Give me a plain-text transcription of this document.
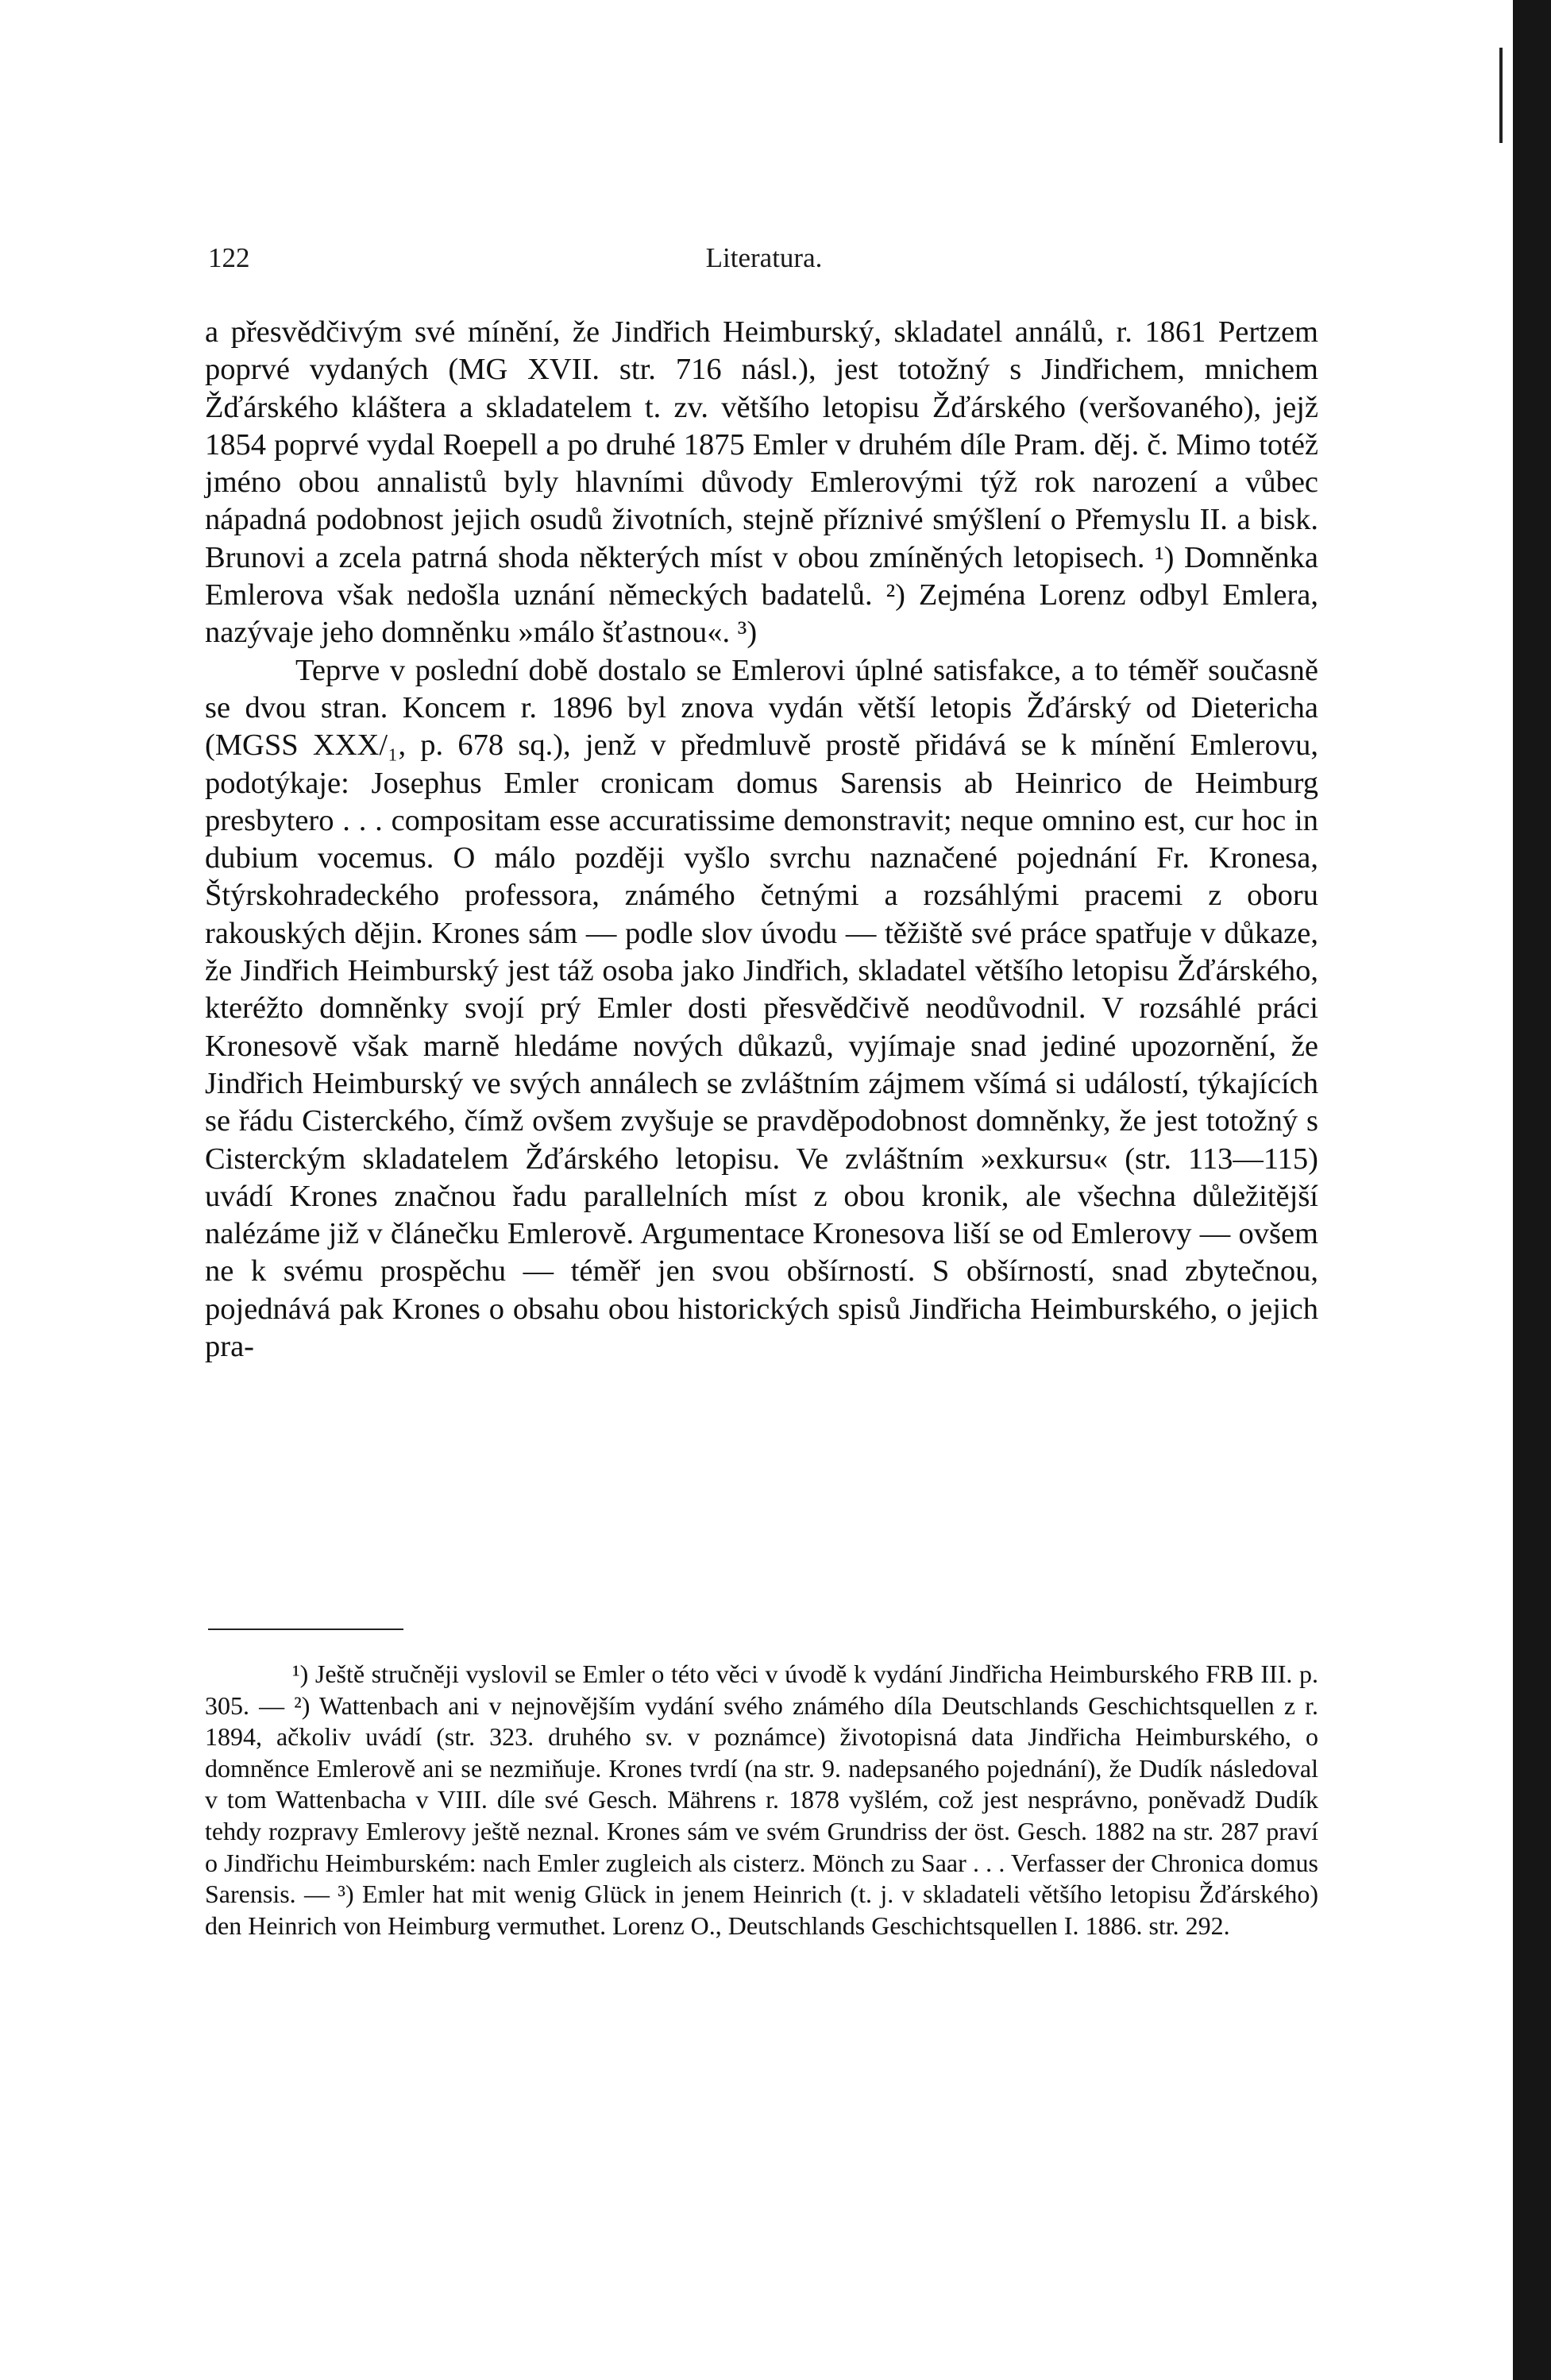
122	Literatura.

a přesvědčivým své mínění, že Jindřich Heimburský, skladatel annálů, r. 1861 Pertzem poprvé vydaných (MG XVII. str. 716 násl.), jest totožný s Jindřichem, mnichem Žďárského kláštera a skladatelem t. zv. většího letopisu Žďárského (veršovaného), jejž 1854 poprvé vydal Roepell a po druhé 1875 Emler v druhém díle Pram. děj. č. Mimo totéž jméno obou annalistů byly hlavními důvody Emlerovými týž rok narození a vůbec nápadná podobnost jejich osudů životních, stejně příznivé smýšlení o Přemyslu II. a bisk. Brunovi a zcela patrná shoda některých míst v obou zmíněných letopisech. ¹) Domněnka Emlerova však nedošla uznání německých badatelů. ²) Zejména Lorenz odbyl Emlera, nazývaje jeho domněnku »málo šťastnou«. ³)

Teprve v poslední době dostalo se Emlerovi úplné satisfakce, a to téměř současně se dvou stran. Koncem r. 1896 byl znova vydán větší letopis Žďárský od Dietericha (MGSS XXX/₁, p. 678 sq.), jenž v předmluvě prostě přidává se k mínění Emlerovu, podotýkaje: Josephus Emler cronicam domus Sarensis ab Heinrico de Heimburg presbytero . . . compositam esse accuratissime demonstravit; neque omnino est, cur hoc in dubium vocemus. O málo později vyšlo svrchu naznačené pojednání Fr. Kronesa, Štýrskohradeckého professora, známého četnými a rozsáhlými pracemi z oboru rakouských dějin. Krones sám — podle slov úvodu — těžiště své práce spatřuje v důkaze, že Jindřich Heimburský jest táž osoba jako Jindřich, skladatel většího letopisu Žďárského, kteréžto domněnky svojí prý Emler dosti přesvědčivě neodůvodnil. V rozsáhlé práci Kronesově však marně hledáme nových důkazů, vyjímaje snad jediné upozornění, že Jindřich Heimburský ve svých annálech se zvláštním zájmem všímá si událostí, týkajících se řádu Cisterckého, čímž ovšem zvyšuje se pravděpodobnost domněnky, že jest totožný s Cisterckým skladatelem Žďárského letopisu. Ve zvláštním »exkursu« (str. 113—115) uvádí Krones značnou řadu parallelních míst z obou kronik, ale všechna důležitější nalézáme již v článečku Emlerově. Argumentace Kronesova liší se od Emlerovy — ovšem ne k svému prospěchu — téměř jen svou obšírností. S obšírností, snad zbytečnou, pojednává pak Krones o obsahu obou historických spisů Jindřicha Heimburského, o jejich pra-

¹) Ještě stručněji vyslovil se Emler o této věci v úvodě k vydání Jindřicha Heimburského FRB III. p. 305. — ²) Wattenbach ani v nejnovějším vydání svého známého díla Deutschlands Geschichtsquellen z r. 1894, ačkoliv uvádí (str. 323. druhého sv. v poznámce) životopisná data Jindřicha Heimburského, o domněnce Emlerově ani se nezmiňuje. Krones tvrdí (na str. 9. nadepsaného pojednání), že Dudík následoval v tom Wattenbacha v VIII. díle své Gesch. Mährens r. 1878 vyšlém, což jest nesprávno, poněvadž Dudík tehdy rozpravy Emlerovy ještě neznal. Krones sám ve svém Grundriss der öst. Gesch. 1882 na str. 287 praví o Jindřichu Heimburském: nach Emler zugleich als cisterz. Mönch zu Saar . . . Verfasser der Chronica domus Sarensis. — ³) Emler hat mit wenig Glück in jenem Heinrich (t. j. v skladateli většího letopisu Žďárského) den Heinrich von Heimburg vermuthet. Lorenz O., Deutschlands Geschichtsquellen I. 1886. str. 292.
